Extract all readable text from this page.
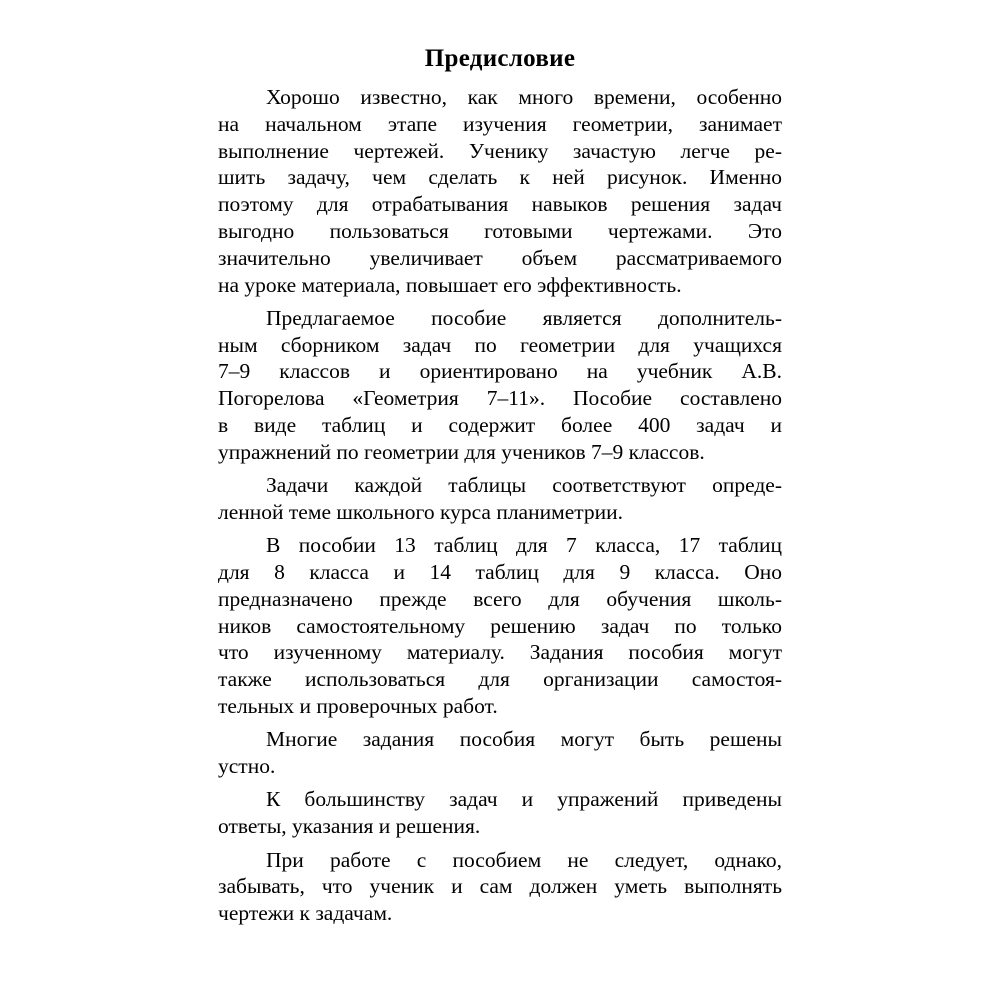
Предисловие
Хорошо известно, как много времени, особенно
на начальном этапе изучения геометрии, занимает
выполнение чертежей. Ученику зачастую легче ре-
шить задачу, чем сделать к ней рисунок. Именно
поэтому для отрабатывания навыков решения задач
выгодно пользоваться готовыми чертежами. Это
значительно увеличивает объем рассматриваемого
на уроке материала, повышает его эффективность.
Предлагаемое пособие является дополнитель-
ным сборником задач по геометрии для учащихся
7–9 классов и ориентировано на учебник А.В.
Погорелова «Геометрия 7–11». Пособие составлено
в виде таблиц и содержит более 400 задач и
упражнений по геометрии для учеников 7–9 классов.
Задачи каждой таблицы соответствуют опреде-
ленной теме школьного курса планиметрии.
В пособии 13 таблиц для 7 класса, 17 таблиц
для 8 класса и 14 таблиц для 9 класса. Оно
предназначено прежде всего для обучения школь-
ников самостоятельному решению задач по только
что изученному материалу. Задания пособия могут
также использоваться для организации самостоя-
тельных и проверочных работ.
Многие задания пособия могут быть решены
устно.
К большинству задач и упражений приведены
ответы, указания и решения.
При работе с пособием не следует, однако,
забывать, что ученик и сам должен уметь выполнять
чертежи к задачам.
